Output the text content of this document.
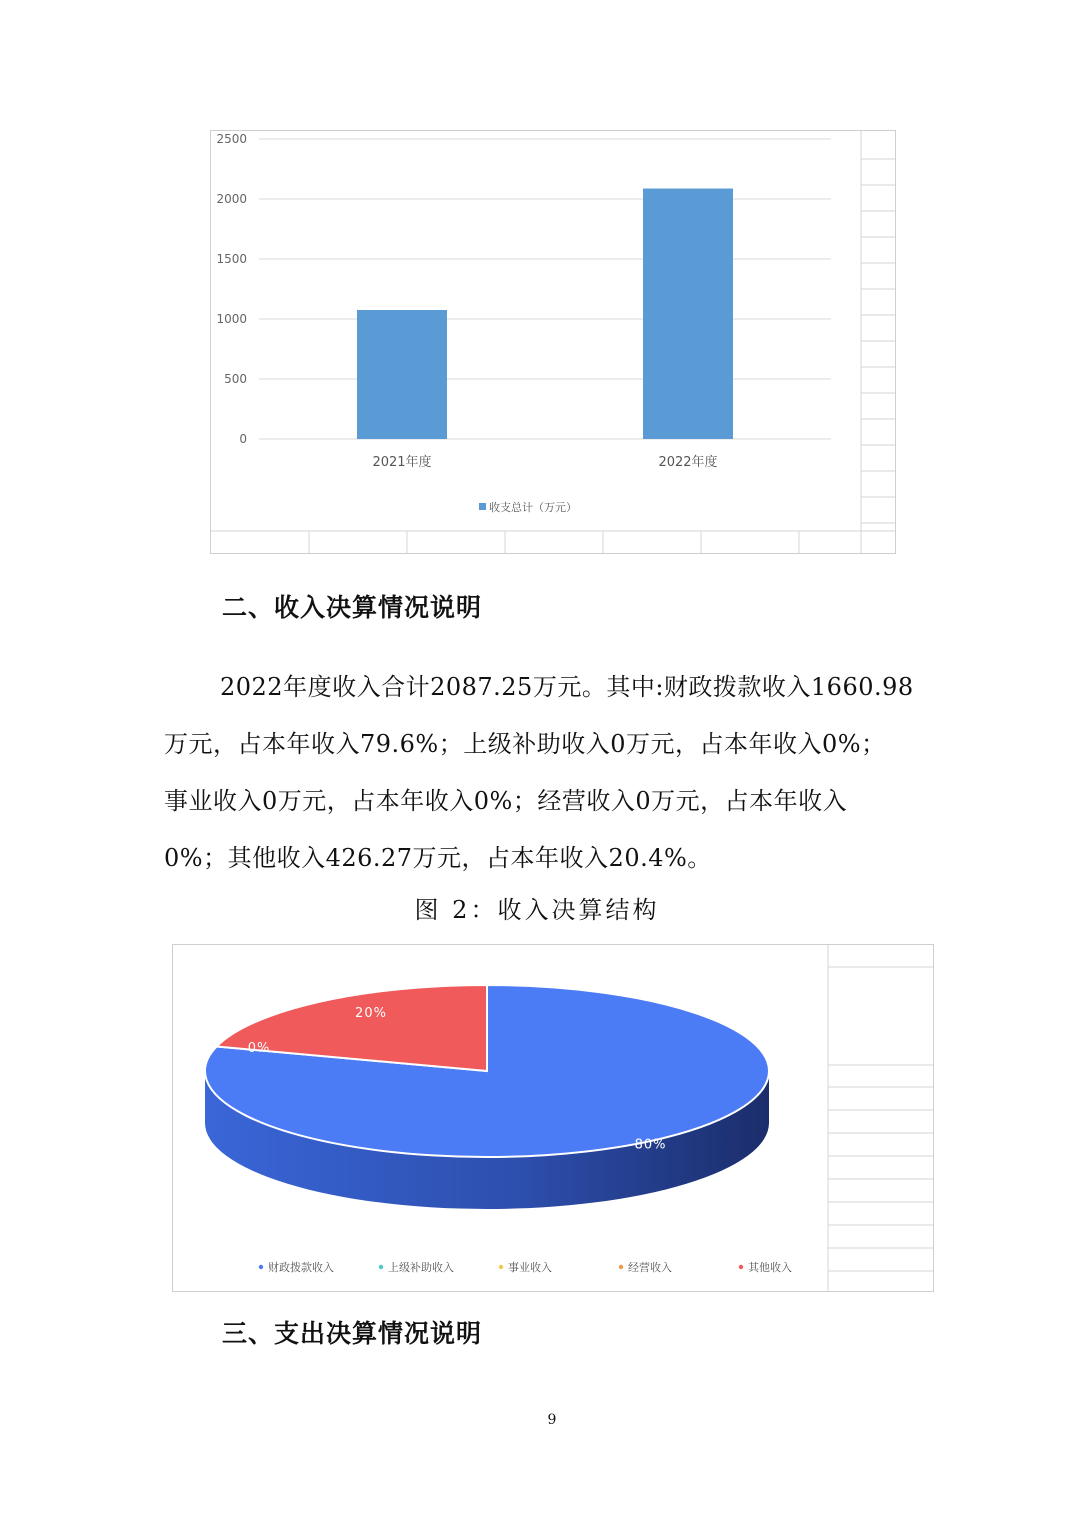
0
500
1000
1500
2000
2500
2021年度	2022年度
收支总计（万元）
二、收入决算情况说明
2022年度收入合计2087.25万元。其中:财政拨款收入1660.98
万元，占本年收入79.6%；上级补助收入0万元，占本年收入0%；
事业收入0万元，占本年收入0%；经营收入0万元，占本年收入
0%；其他收入426.27万元，占本年收入20.4%。
图 2：收入决算结构
80%
0%
20%
财政拨款收入	上级补助收入	事业收入	经营收入	其他收入
三、支出决算情况说明
9
